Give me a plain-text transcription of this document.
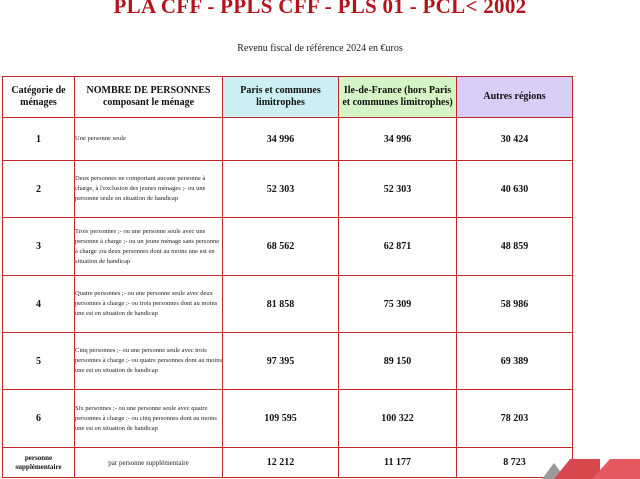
PLA CFF - PPLS CFF - PLS 01 - PCL< 2002
Revenu fiscal de référence 2024 en €uros
Catégorie de ménages	NOMBRE DE PERSONNES composant le ménage	Paris et communes limitrophes	Ile-de-France (hors Paris et communes limitrophes)	Autres régions
1	Une personne seule	34 996	34 996	30 424
2	Deux personnes ne comportant aucune personne à charge, à l'exclusion des jeunes ménages ;- ou une personne seule en situation de handicap	52 303	52 303	40 630
3	Trois personnes ;- ou une personne seule avec une personne à charge ;- ou un jeune ménage sans personne à charge ;ou deux personnes dont au moins une est en situation de handicap	68 562	62 871	48 859
4	Quatre personnes ;- ou une personne seule avec deux personnes à charge ;- ou trois personnes dont au moins une est en situation de handicap	81 858	75 309	58 986
5	Cinq personnes ;- ou une personne seule avec trois personnes à charge ;- ou quatre personnes dont au moins une est en situation de handicap	97 395	89 150	69 389
6	Six personnes ;- ou une personne seule avec quatre personnes à charge ;- ou cinq personnes dont au moins une est en situation de handicap	109 595	100 322	78 203
personne supplémentaire	par personne supplémentaire	12 212	11 177	8 723
